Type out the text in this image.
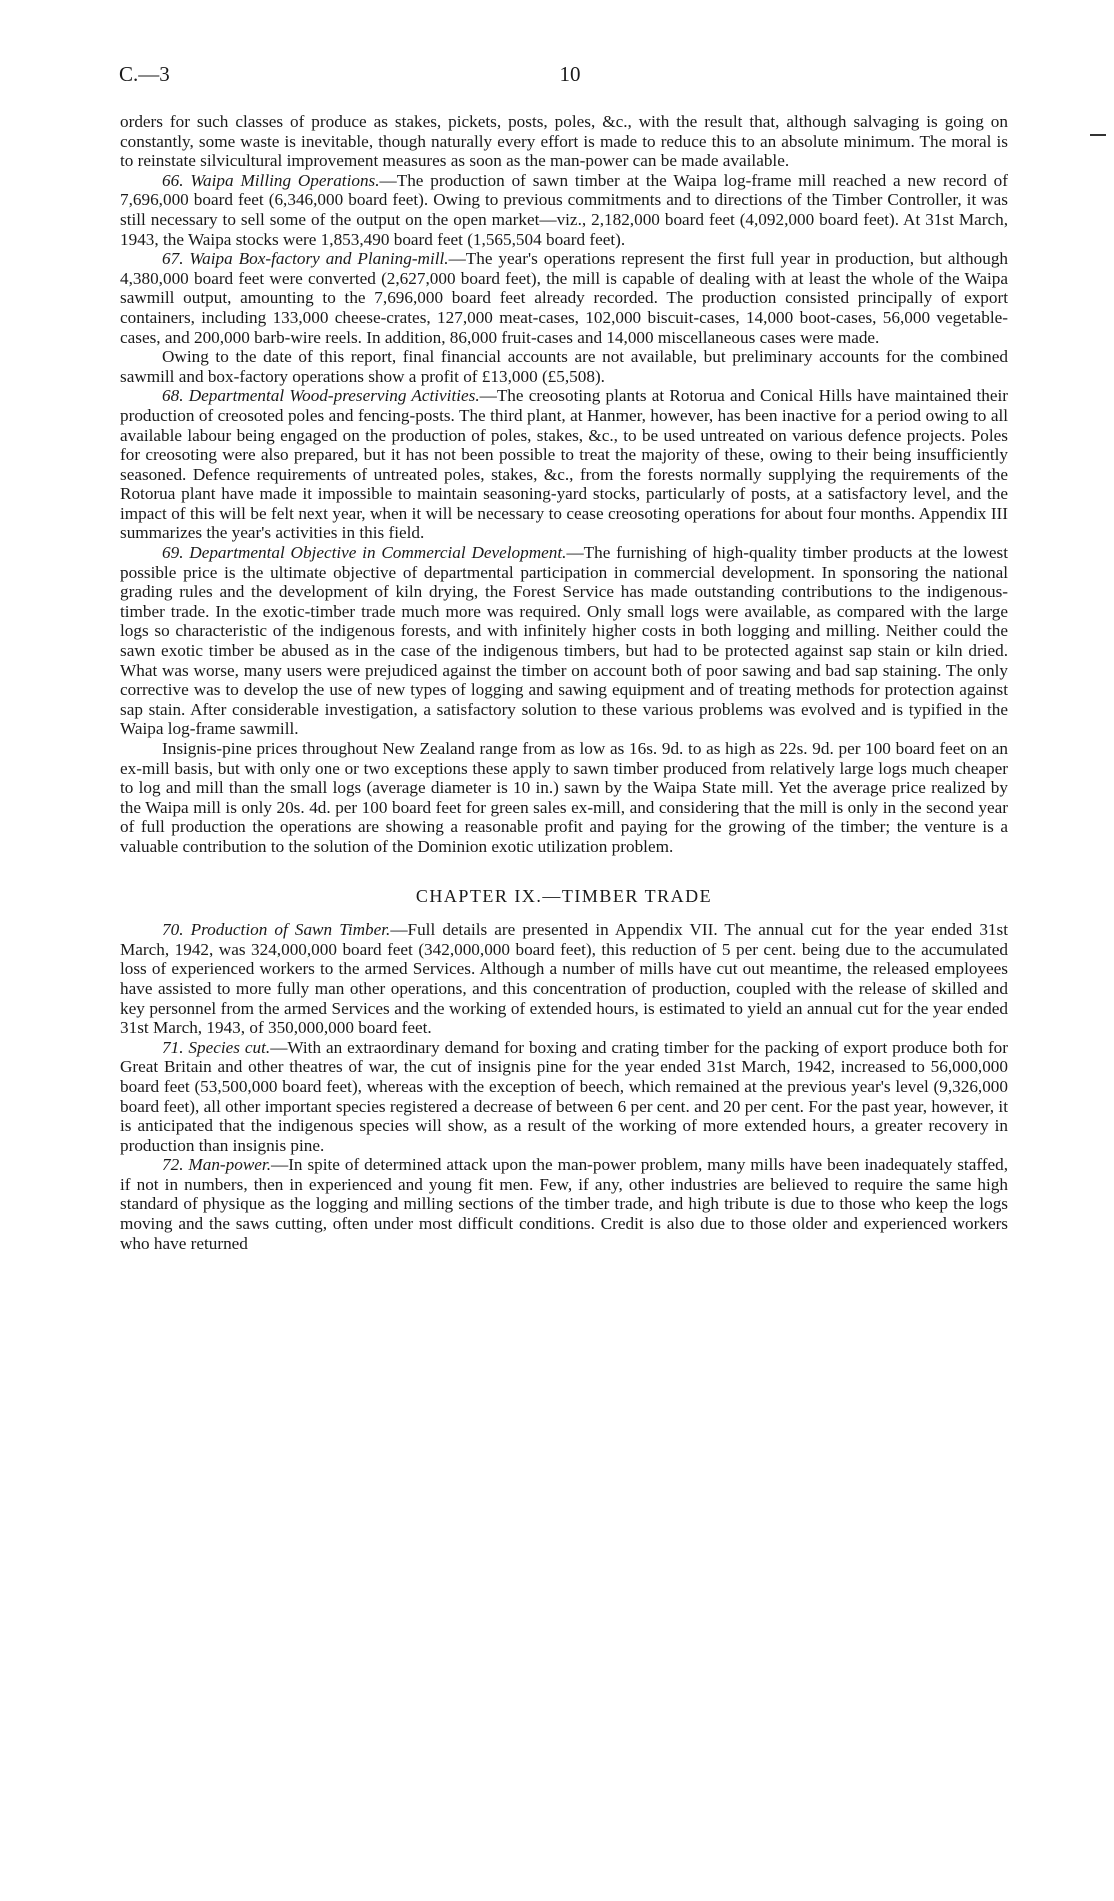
C.—3	10

orders for such classes of produce as stakes, pickets, posts, poles, &c., with the result that, although salvaging is going on constantly, some waste is inevitable, though naturally every effort is made to reduce this to an absolute minimum. The moral is to reinstate silvicultural improvement measures as soon as the man-power can be made available.

66. Waipa Milling Operations.—The production of sawn timber at the Waipa log-frame mill reached a new record of 7,696,000 board feet (6,346,000 board feet). Owing to previous commitments and to directions of the Timber Controller, it was still necessary to sell some of the output on the open market—viz., 2,182,000 board feet (4,092,000 board feet). At 31st March, 1943, the Waipa stocks were 1,853,490 board feet (1,565,504 board feet).

67. Waipa Box-factory and Planing-mill.—The year's operations represent the first full year in production, but although 4,380,000 board feet were converted (2,627,000 board feet), the mill is capable of dealing with at least the whole of the Waipa sawmill output, amounting to the 7,696,000 board feet already recorded. The production consisted principally of export containers, including 133,000 cheese-crates, 127,000 meat-cases, 102,000 biscuit-cases, 14,000 boot-cases, 56,000 vegetable-cases, and 200,000 barb-wire reels. In addition, 86,000 fruit-cases and 14,000 miscellaneous cases were made.

Owing to the date of this report, final financial accounts are not available, but preliminary accounts for the combined sawmill and box-factory operations show a profit of £13,000 (£5,508).

68. Departmental Wood-preserving Activities.—The creosoting plants at Rotorua and Conical Hills have maintained their production of creosoted poles and fencing-posts. The third plant, at Hanmer, however, has been inactive for a period owing to all available labour being engaged on the production of poles, stakes, &c., to be used untreated on various defence projects. Poles for creosoting were also prepared, but it has not been possible to treat the majority of these, owing to their being insufficiently seasoned. Defence requirements of untreated poles, stakes, &c., from the forests normally supplying the requirements of the Rotorua plant have made it impossible to maintain seasoning-yard stocks, particularly of posts, at a satisfactory level, and the impact of this will be felt next year, when it will be necessary to cease creosoting operations for about four months. Appendix III summarizes the year's activities in this field.

69. Departmental Objective in Commercial Development.—The furnishing of high-quality timber products at the lowest possible price is the ultimate objective of departmental participation in commercial development. In sponsoring the national grading rules and the development of kiln drying, the Forest Service has made outstanding contributions to the indigenous-timber trade. In the exotic-timber trade much more was required. Only small logs were available, as compared with the large logs so characteristic of the indigenous forests, and with infinitely higher costs in both logging and milling. Neither could the sawn exotic timber be abused as in the case of the indigenous timbers, but had to be protected against sap stain or kiln dried. What was worse, many users were prejudiced against the timber on account both of poor sawing and bad sap staining. The only corrective was to develop the use of new types of logging and sawing equipment and of treating methods for protection against sap stain. After considerable investigation, a satisfactory solution to these various problems was evolved and is typified in the Waipa log-frame sawmill.

Insignis-pine prices throughout New Zealand range from as low as 16s. 9d. to as high as 22s. 9d. per 100 board feet on an ex-mill basis, but with only one or two exceptions these apply to sawn timber produced from relatively large logs much cheaper to log and mill than the small logs (average diameter is 10 in.) sawn by the Waipa State mill. Yet the average price realized by the Waipa mill is only 20s. 4d. per 100 board feet for green sales ex-mill, and considering that the mill is only in the second year of full production the operations are showing a reasonable profit and paying for the growing of the timber; the venture is a valuable contribution to the solution of the Dominion exotic utilization problem.

CHAPTER IX.—TIMBER TRADE

70. Production of Sawn Timber.—Full details are presented in Appendix VII. The annual cut for the year ended 31st March, 1942, was 324,000,000 board feet (342,000,000 board feet), this reduction of 5 per cent. being due to the accumulated loss of experienced workers to the armed Services. Although a number of mills have cut out meantime, the released employees have assisted to more fully man other operations, and this concentration of production, coupled with the release of skilled and key personnel from the armed Services and the working of extended hours, is estimated to yield an annual cut for the year ended 31st March, 1943, of 350,000,000 board feet.

71. Species cut.—With an extraordinary demand for boxing and crating timber for the packing of export produce both for Great Britain and other theatres of war, the cut of insignis pine for the year ended 31st March, 1942, increased to 56,000,000 board feet (53,500,000 board feet), whereas with the exception of beech, which remained at the previous year's level (9,326,000 board feet), all other important species registered a decrease of between 6 per cent. and 20 per cent. For the past year, however, it is anticipated that the indigenous species will show, as a result of the working of more extended hours, a greater recovery in production than insignis pine.

72. Man-power.—In spite of determined attack upon the man-power problem, many mills have been inadequately staffed, if not in numbers, then in experienced and young fit men. Few, if any, other industries are believed to require the same high standard of physique as the logging and milling sections of the timber trade, and high tribute is due to those who keep the logs moving and the saws cutting, often under most difficult conditions. Credit is also due to those older and experienced workers who have returned
